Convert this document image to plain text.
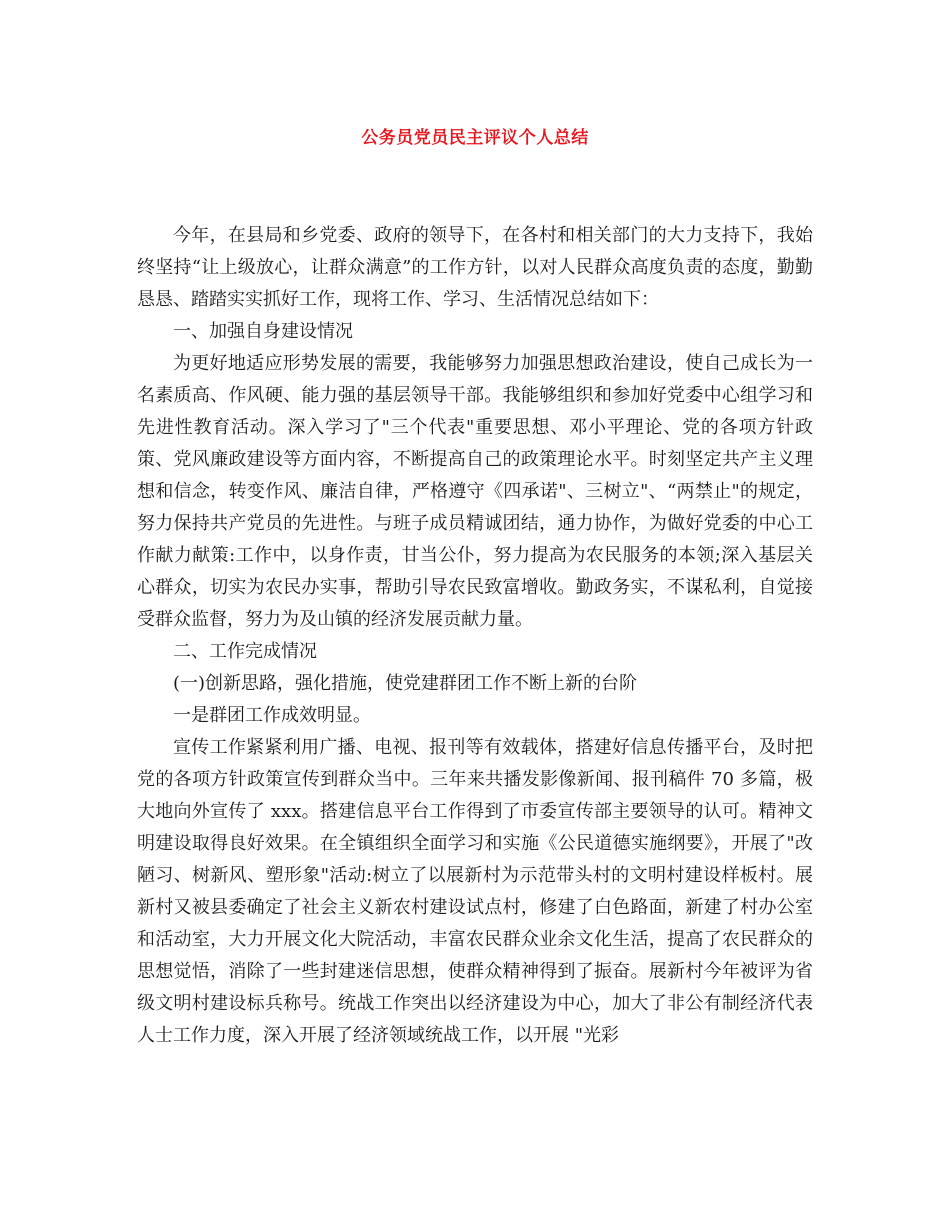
公务员党员民主评议个人总结

今年，在县局和乡党委、政府的领导下，在各村和相关部门的大力支持下，我始终坚持“让上级放心，让群众满意”的工作方针，以对人民群众高度负责的态度，勤勤恳恳、踏踏实实抓好工作，现将工作、学习、生活情况总结如下：

一、加强自身建设情况

为更好地适应形势发展的需要，我能够努力加强思想政治建设，使自己成长为一名素质高、作风硬、能力强的基层领导干部。我能够组织和参加好党委中心组学习和先进性教育活动。深入学习了"三个代表"重要思想、邓小平理论、党的各项方针政策、党风廉政建设等方面内容，不断提高自己的政策理论水平。时刻坚定共产主义理想和信念，转变作风、廉洁自律，严格遵守《四承诺"、三树立"、“两禁止"的规定，努力保持共产党员的先进性。与班子成员精诚团结，通力协作，为做好党委的中心工作献力献策:工作中，以身作责，甘当公仆，努力提高为农民服务的本领;深入基层关心群众，切实为农民办实事，帮助引导农民致富增收。勤政务实，不谋私利，自觉接受群众监督，努力为及山镇的经济发展贡献力量。

二、工作完成情况

(一)创新思路，强化措施，使党建群团工作不断上新的台阶

一是群团工作成效明显。

宣传工作紧紧利用广播、电视、报刊等有效载体，搭建好信息传播平台，及时把党的各项方针政策宣传到群众当中。三年来共播发影像新闻、报刊稿件 70 多篇，极大地向外宣传了 xxx。搭建信息平台工作得到了市委宣传部主要领导的认可。精神文明建设取得良好效果。在全镇组织全面学习和实施《公民道德实施纲要》，开展了"改陋习、树新风、塑形象"活动:树立了以展新村为示范带头村的文明村建设样板村。展新村又被县委确定了社会主义新农村建设试点村，修建了白色路面，新建了村办公室和活动室，大力开展文化大院活动，丰富农民群众业余文化生活，提高了农民群众的思想觉悟，消除了一些封建迷信思想，使群众精神得到了振奋。展新村今年被评为省级文明村建设标兵称号。统战工作突出以经济建设为中心，加大了非公有制经济代表人士工作力度，深入开展了经济领域统战工作，以开展 "光彩
